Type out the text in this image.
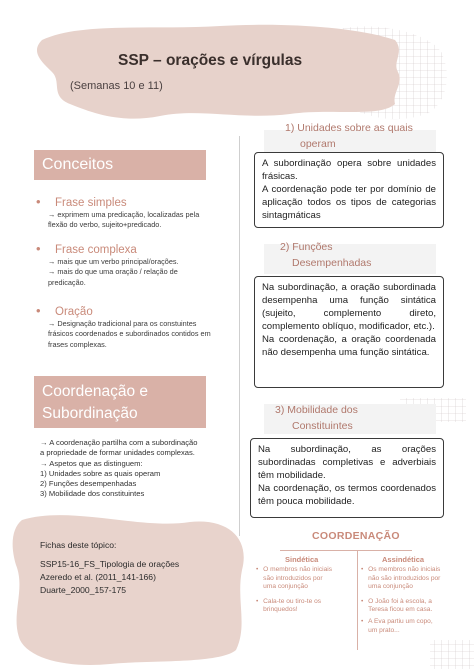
SSP – orações e vírgulas
(Semanas 10 e 11)
Conceitos
• Frase simples
→ exprimem uma predicação, localizadas pela
flexão do verbo, sujeito+predicado.
• Frase complexa
→ mais que um verbo principal/orações.
→ mais do que uma oração / relação de
predicação.
• Oração
→ Designação tradicional para os constuintes
frásicos coordenados e subordinados contidos em
frases complexas.
Coordenação e
Subordinação
→ A coordenação partilha com a subordinação
a propriedade de formar unidades complexas.
→ Aspetos que as distinguem:
1) Unidades sobre as quais operam
2) Funções desempenhadas
3) Mobilidade dos constituintes
Fichas deste tópico:
SSP15-16_FS_Tipologia de orações
Azeredo et al. (2011_141-166)
Duarte_2000_157-175
1) Unidades sobre as quais
operam

A subordinação opera sobre unidades frásicas.

A coordenação pode ter por domínio de aplicação todos os tipos de categorias sintagmáticas

2) Funções
Desempenhadas

Na subordinação, a oração subordinada desempenha uma função sintática (sujeito, complemento direto, complemento oblíquo, modificador, etc.).

Na coordenação, a oração coordenada não desempenha uma função sintática.

3) Mobilidade dos
Constituintes

Na subordinação, as orações subordinadas completivas e adverbiais têm mobilidade.

Na coordenação, os termos coordenados têm pouca mobilidade.

COORDENAÇÃO
Sindética	Assindética
• O membros não iniciais
são introduzidos por
uma conjunção
• Cala-te ou tiro-te os
brinquedos!
• Os membros não iniciais
não são introduzidos por
uma conjunção
• O João foi à escola, a
Teresa ficou em casa.
• A Eva partiu um copo,
um prato...
